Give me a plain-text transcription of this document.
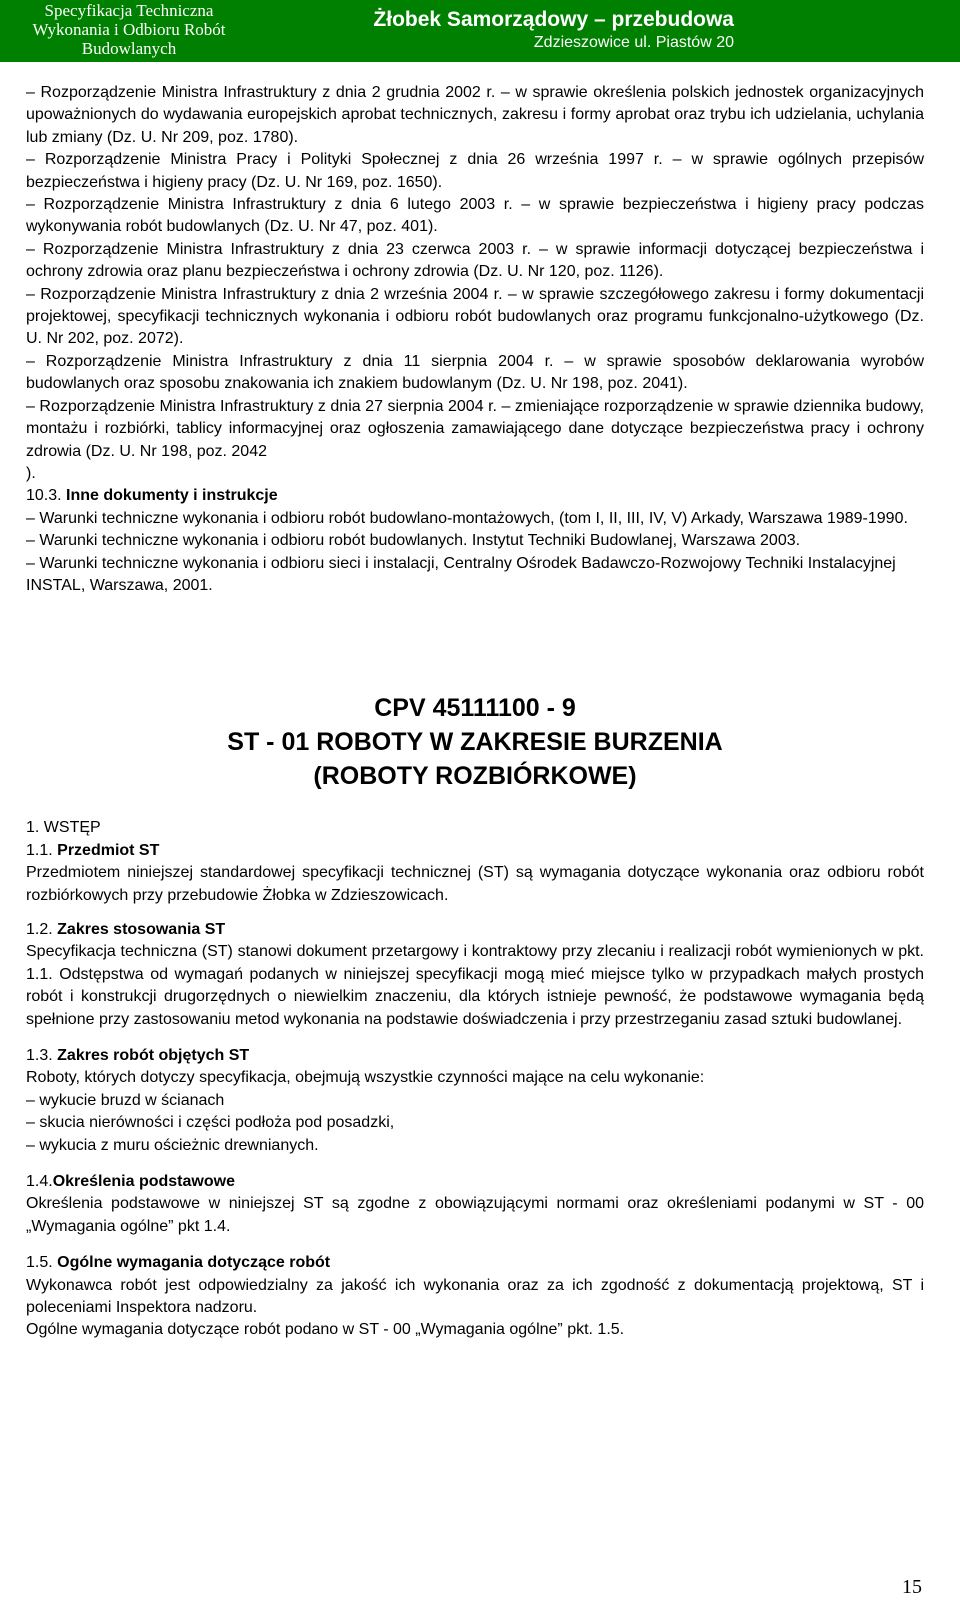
Specyfikacja Techniczna
Wykonania i Odbioru Robót
Budowlanych
Żłobek Samorządowy – przebudowa
Zdzieszowice ul. Piastów 20
– Rozporządzenie Ministra Infrastruktury z dnia 2 grudnia 2002 r. – w sprawie określenia polskich jednostek organizacyjnych upoważnionych do wydawania europejskich aprobat technicznych, zakresu i formy aprobat oraz trybu ich udzielania, uchylania lub zmiany (Dz. U. Nr 209, poz. 1780).
– Rozporządzenie Ministra Pracy i Polityki Społecznej z dnia 26 września 1997 r. – w sprawie ogólnych przepisów bezpieczeństwa i higieny pracy (Dz. U. Nr 169, poz. 1650).
– Rozporządzenie Ministra Infrastruktury z dnia 6 lutego 2003 r. – w sprawie bezpieczeństwa i higieny pracy podczas wykonywania robót budowlanych (Dz. U. Nr 47, poz. 401).
– Rozporządzenie Ministra Infrastruktury z dnia 23 czerwca 2003 r. – w sprawie informacji dotyczącej bezpieczeństwa i ochrony zdrowia oraz planu bezpieczeństwa i ochrony zdrowia (Dz. U. Nr 120, poz. 1126).
– Rozporządzenie Ministra Infrastruktury z dnia 2 września 2004 r. – w sprawie szczegółowego zakresu i formy dokumentacji projektowej, specyfikacji technicznych wykonania i odbioru robót budowlanych oraz programu funkcjonalno-użytkowego (Dz. U. Nr 202, poz. 2072).
– Rozporządzenie Ministra Infrastruktury z dnia 11 sierpnia 2004 r. – w sprawie sposobów deklarowania wyrobów budowlanych oraz sposobu znakowania ich znakiem budowlanym (Dz. U. Nr 198, poz. 2041).
– Rozporządzenie Ministra Infrastruktury z dnia 27 sierpnia 2004 r. – zmieniające rozporządzenie w sprawie dziennika budowy, montażu i rozbiórki, tablicy informacyjnej oraz ogłoszenia zamawiającego dane dotyczące bezpieczeństwa pracy i ochrony zdrowia (Dz. U. Nr 198, poz. 2042
).
10.3. Inne dokumenty i instrukcje
– Warunki techniczne wykonania i odbioru robót budowlano-montażowych, (tom I, II, III, IV, V) Arkady, Warszawa 1989-1990.
– Warunki techniczne wykonania i odbioru robót budowlanych. Instytut Techniki Budowlanej, Warszawa 2003.
– Warunki techniczne wykonania i odbioru sieci i instalacji, Centralny Ośrodek Badawczo-Rozwojowy Techniki Instalacyjnej INSTAL, Warszawa, 2001.
CPV 45111100 - 9
ST - 01 ROBOTY W ZAKRESIE BURZENIA
(ROBOTY ROZBIÓRKOWE)
1. WSTĘP
1.1. Przedmiot ST
Przedmiotem niniejszej standardowej specyfikacji technicznej (ST) są wymagania dotyczące wykonania oraz odbioru robót rozbiórkowych przy przebudowie Żłobka w Zdzieszowicach.
1.2. Zakres stosowania ST
Specyfikacja techniczna (ST) stanowi dokument przetargowy i kontraktowy przy zlecaniu i realizacji robót wymienionych w pkt. 1.1. Odstępstwa od wymagań podanych w niniejszej specyfikacji mogą mieć miejsce tylko w przypadkach małych prostych robót i konstrukcji drugorzędnych o niewielkim znaczeniu, dla których istnieje pewność, że podstawowe wymagania będą spełnione przy zastosowaniu metod wykonania na podstawie doświadczenia i przy przestrzeganiu zasad sztuki budowlanej.
1.3. Zakres robót objętych ST
Roboty, których dotyczy specyfikacja, obejmują wszystkie czynności mające na celu wykonanie:
– wykucie bruzd w ścianach
– skucia nierówności i części podłoża pod posadzki,
– wykucia z muru ościeżnic drewnianych.
1.4.Określenia podstawowe
Określenia podstawowe w niniejszej ST są zgodne z obowiązującymi normami oraz określeniami podanymi w ST - 00 „Wymagania ogólne” pkt 1.4.
1.5. Ogólne wymagania dotyczące robót
Wykonawca robót jest odpowiedzialny za jakość ich wykonania oraz za ich zgodność z dokumentacją projektową, ST i poleceniami Inspektora nadzoru.
Ogólne wymagania dotyczące robót podano w ST - 00 „Wymagania ogólne” pkt. 1.5.
15
